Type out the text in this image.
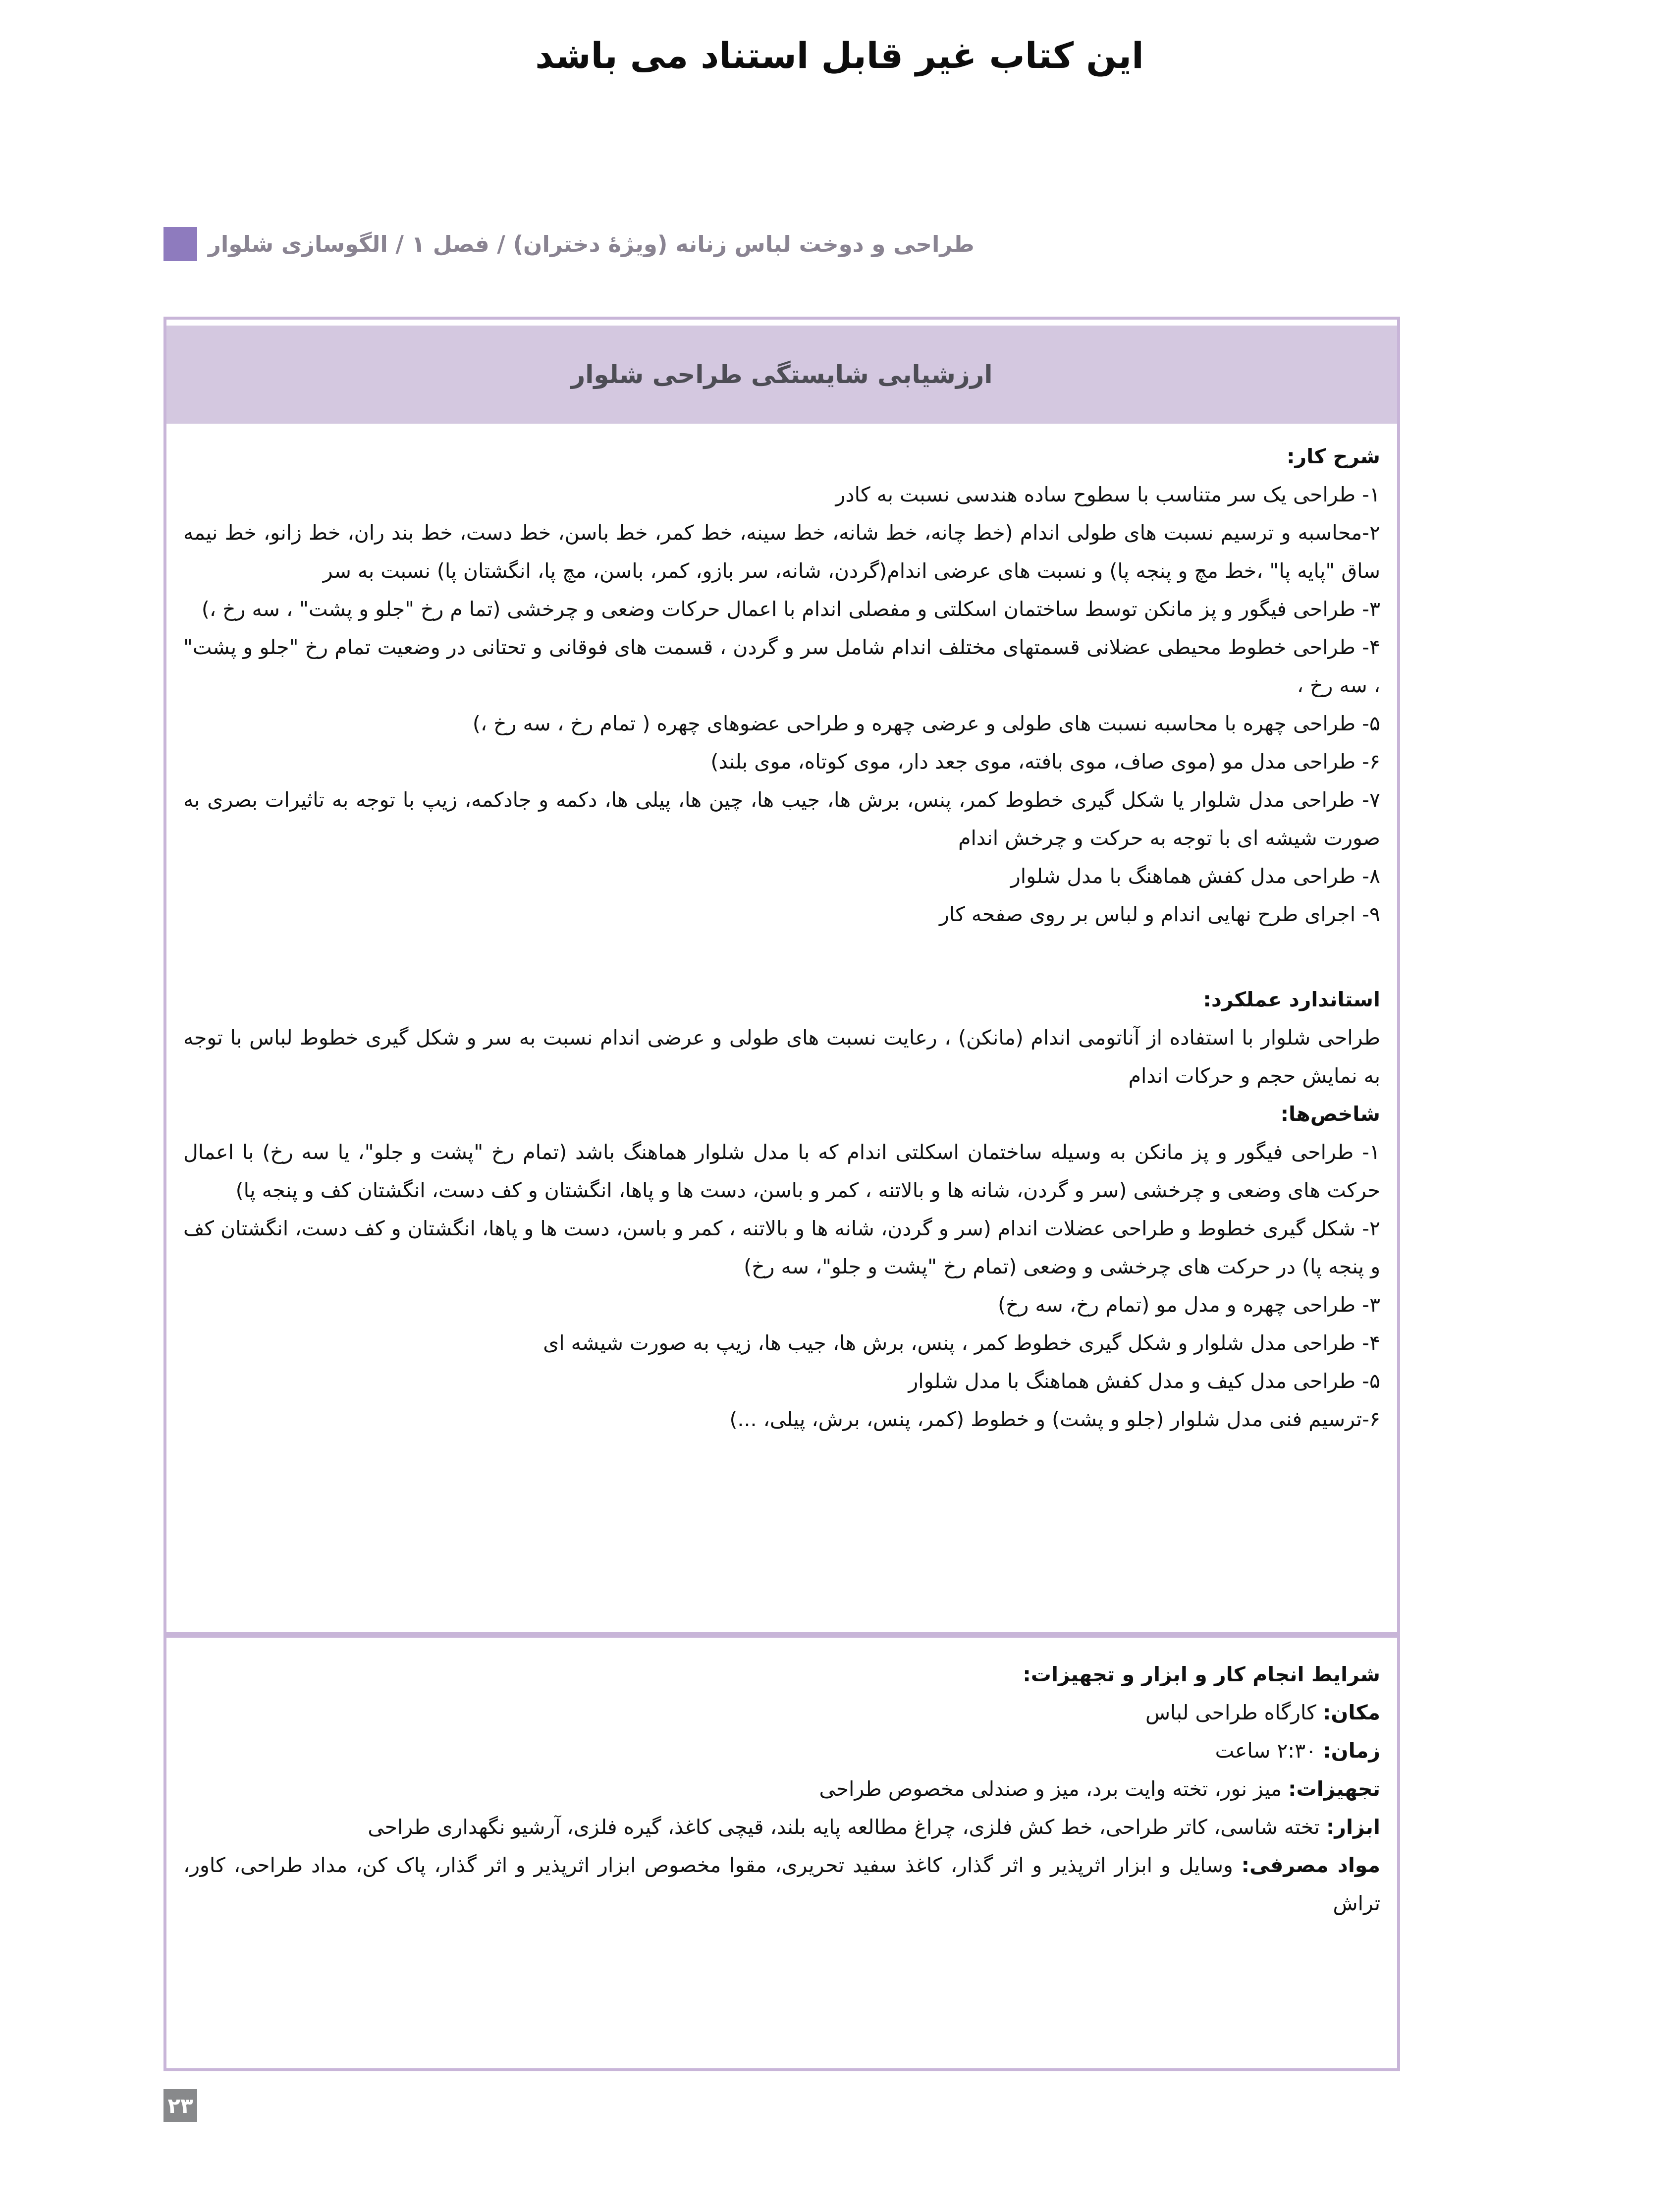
این کتاب غیر قابل استناد می باشد
طراحی و دوخت لباس زنانه (ویژهٔ دختران) / فصل ۱ / الگوسازی شلوار
ارزشیابی شایستگی طراحی شلوار

شرح کار:

۱- طراحی یک سر متناسب با سطوح ساده هندسی نسبت به کادر

۲-محاسبه و ترسیم نسبت های طولی اندام (خط چانه، خط شانه، خط سینه، خط کمر، خط باسن، خط دست، خط بند ران، خط زانو، خط نیمه ساق "پایه پا" ،خط مچ و پنجه پا) و نسبت های عرضی اندام(گردن، شانه، سر بازو، کمر، باسن، مچ پا، انگشتان پا) نسبت به سر

۳- طراحی فیگور و پز مانکن توسط ساختمان اسکلتی و مفصلی اندام با اعمال حرکات وضعی و چرخشی (تما م رخ "جلو و پشت" ، سه رخ ،)

۴- طراحی خطوط محیطی عضلانی قسمتهای مختلف اندام شامل سر و گردن ، قسمت های فوقانی و تحتانی در وضعیت تمام رخ "جلو و پشت" ، سه رخ ،

۵- طراحی چهره با محاسبه نسبت های طولی و عرضی چهره و طراحی عضوهای چهره ( تمام رخ ، سه رخ ،)

۶- طراحی مدل مو (موی صاف، موی بافته، موی جعد دار، موی کوتاه، موی بلند)

۷- طراحی مدل شلوار یا شکل گیری خطوط کمر، پنس، برش ها، جیب ها، چین ها، پیلی ها، دکمه و جادکمه، زیپ با توجه به تاثیرات بصری به صورت شیشه ای با توجه به حرکت و چرخش اندام

۸- طراحی مدل کفش هماهنگ با مدل شلوار

۹- اجرای طرح نهایی اندام و لباس بر روی صفحه کار

استاندارد عملکرد:

طراحی شلوار با استفاده از آناتومی اندام (مانکن) ، رعایت نسبت های طولی و عرضی اندام نسبت به سر و شکل گیری خطوط لباس با توجه به نمایش حجم و حرکات اندام

شاخص‌ها:

۱- طراحی فیگور و پز مانکن به وسیله ساختمان اسکلتی اندام که با مدل شلوار هماهنگ باشد (تمام رخ "پشت و جلو"، یا سه رخ) با اعمال حرکت های وضعی و چرخشی (سر و گردن، شانه ها و بالاتنه ، کمر و باسن، دست ها و پاها، انگشتان و کف دست، انگشتان کف و پنجه پا)

۲- شکل گیری خطوط و طراحی عضلات اندام (سر و گردن، شانه ها و بالاتنه ، کمر و باسن، دست ها و پاها، انگشتان و کف دست، انگشتان کف و پنجه پا) در حرکت های چرخشی و وضعی (تمام رخ "پشت و جلو"، سه رخ)

۳- طراحی چهره و مدل مو (تمام رخ، سه رخ)

۴- طراحی مدل شلوار و شکل گیری خطوط کمر ، پنس، برش ها، جیب ها، زیپ به صورت شیشه ای

۵- طراحی مدل کیف و مدل کفش هماهنگ با مدل شلوار

۶-ترسیم فنی مدل شلوار (جلو و پشت) و خطوط (کمر، پنس، برش، پیلی، ...)

شرایط انجام کار و ابزار و تجهیزات:

مکان: کارگاه طراحی لباس

زمان: ۲:۳۰ ساعت

تجهیزات: میز نور، تخته وایت برد، میز و صندلی مخصوص طراحی

ابزار: تخته شاسی، کاتر طراحی، خط کش فلزی، چراغ مطالعه پایه بلند، قیچی کاغذ، گیره فلزی، آرشیو نگهداری طراحی

مواد مصرفی: وسایل و ابزار اثرپذیر و اثر گذار، کاغذ سفید تحریری، مقوا مخصوص ابزار اثرپذیر و اثر گذار، پاک کن، مداد طراحی، کاور، تراش

۲۳
